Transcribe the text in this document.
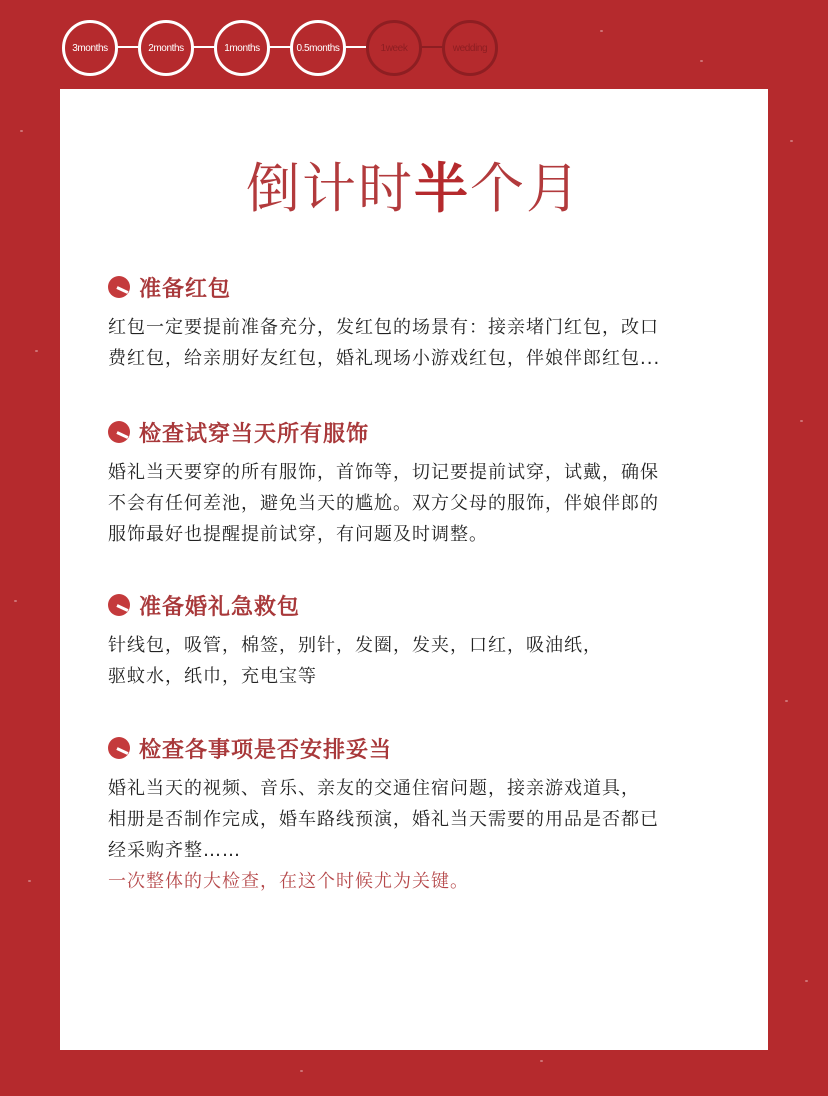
3months	2months	1months	0.5months	1week	wedding
倒计时半个月
准备红包
红包一定要提前准备充分，发红包的场景有：接亲堵门红包，改口
费红包，给亲朋好友红包，婚礼现场小游戏红包，伴娘伴郎红包...
检查试穿当天所有服饰
婚礼当天要穿的所有服饰，首饰等，切记要提前试穿，试戴，确保
不会有任何差池，避免当天的尴尬。双方父母的服饰，伴娘伴郎的
服饰最好也提醒提前试穿，有问题及时调整。
准备婚礼急救包
针线包，吸管，棉签，别针，发圈，发夹，口红，吸油纸，
驱蚊水，纸巾，充电宝等
检查各事项是否安排妥当
婚礼当天的视频、音乐、亲友的交通住宿问题，接亲游戏道具，
相册是否制作完成，婚车路线预演，婚礼当天需要的用品是否都已
经采购齐整……
一次整体的大检查，在这个时候尤为关键。
